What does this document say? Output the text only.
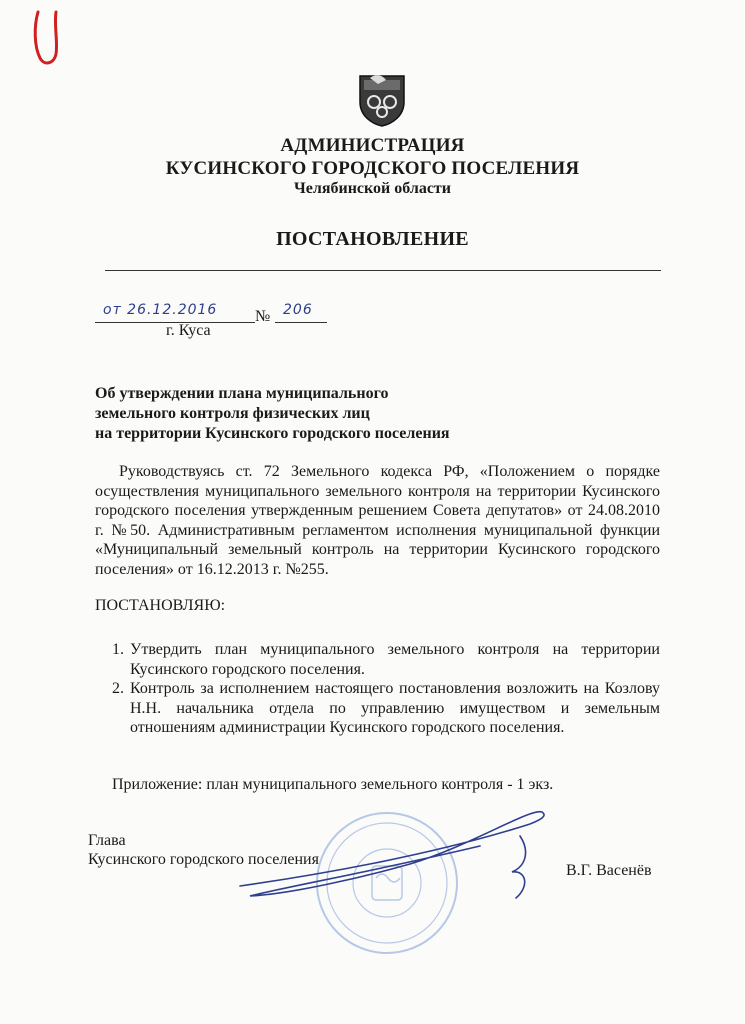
АДМИНИСТРАЦИЯ
КУСИНСКОГО ГОРОДСКОГО ПОСЕЛЕНИЯ
Челябинской области
ПОСТАНОВЛЕНИЕ
от 26.12.2016 № 206
г. Куса
Об утверждении плана муниципального
земельного контроля физических лиц
на территории Кусинского городского поселения
Руководствуясь ст. 72 Земельного кодекса РФ, «Положением о порядке осуществления муниципального земельного контроля на территории Кусинского городского поселения утвержденным решением Совета депутатов» от 24.08.2010 г. №50. Административным регламентом исполнения муниципальной функции «Муниципальный земельный контроль на территории Кусинского городского поселения» от 16.12.2013 г. №255.
ПОСТАНОВЛЯЮ:
1. Утвердить план муниципального земельного контроля на территории Кусинского городского поселения.
2. Контроль за исполнением настоящего постановления возложить на Козлову Н.Н. начальника отдела по управлению имуществом и земельным отношениям администрации Кусинского городского поселения.
Приложение: план муниципального земельного контроля - 1 экз.
Глава
Кусинского городского поселения
В.Г. Васенёв
